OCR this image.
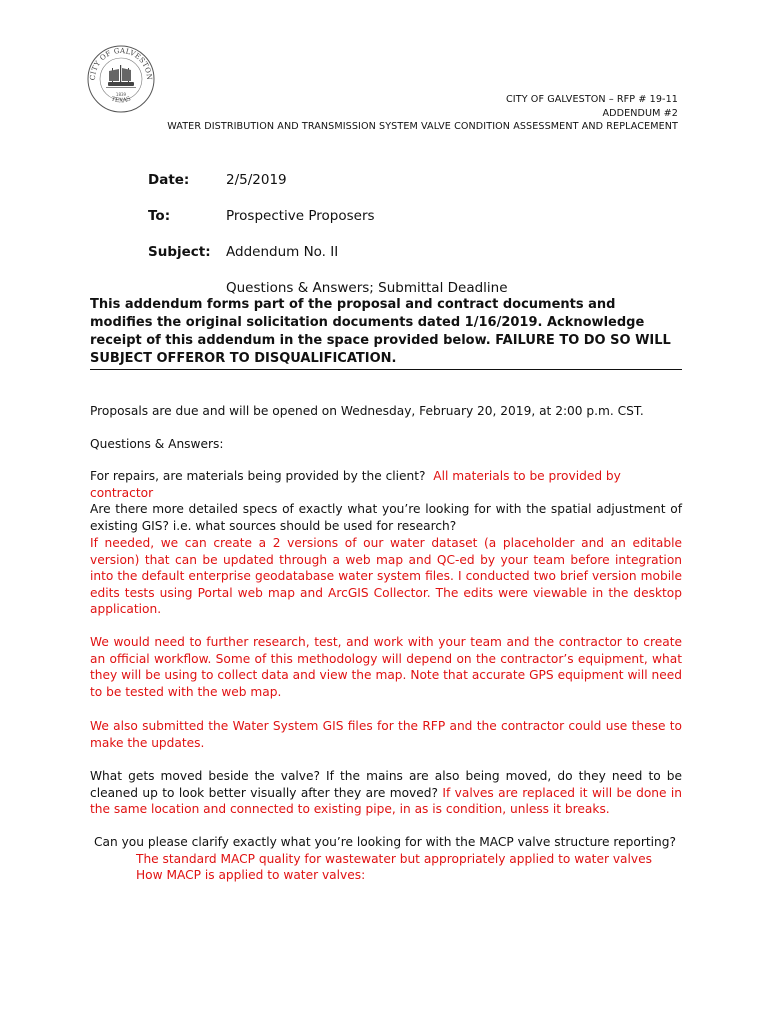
CITY OF GALVESTON
TEXAS
1839	CITY OF GALVESTON – RFP # 19-11
ADDENDUM #2
WATER DISTRIBUTION AND TRANSMISSION SYSTEM VALVE CONDITION ASSESSMENT AND REPLACEMENT
Date:	2/5/2019
To:	Prospective Proposers
Subject: Addendum No. II
Questions & Answers; Submittal Deadline
This addendum forms part of the proposal and contract documents and modifies the original solicitation documents dated 1/16/2019. Acknowledge receipt of this addendum in the space provided below. FAILURE TO DO SO WILL SUBJECT OFFEROR TO DISQUALIFICATION.
Proposals are due and will be opened on Wednesday, February 20, 2019, at 2:00 p.m. CST.
Questions & Answers:
For repairs, are materials being provided by the client? All materials to be provided by contractor
Are there more detailed specs of exactly what you’re looking for with the spatial adjustment of existing GIS? i.e. what sources should be used for research?
If needed, we can create a 2 versions of our water dataset (a placeholder and an editable version) that can be updated through a web map and QC-ed by your team before integration into the default enterprise geodatabase water system files. I conducted two brief version mobile edits tests using Portal web map and ArcGIS Collector. The edits were viewable in the desktop application.
We would need to further research, test, and work with your team and the contractor to create an official workflow. Some of this methodology will depend on the contractor’s equipment, what they will be using to collect data and view the map. Note that accurate GPS equipment will need to be tested with the web map.
We also submitted the Water System GIS files for the RFP and the contractor could use these to make the updates.
What gets moved beside the valve? If the mains are also being moved, do they need to be cleaned up to look better visually after they are moved? If valves are replaced it will be done in the same location and connected to existing pipe, in as is condition, unless it breaks.
Can you please clarify exactly what you’re looking for with the MACP valve structure reporting?
The standard MACP quality for wastewater but appropriately applied to water valves
How MACP is applied to water valves:
